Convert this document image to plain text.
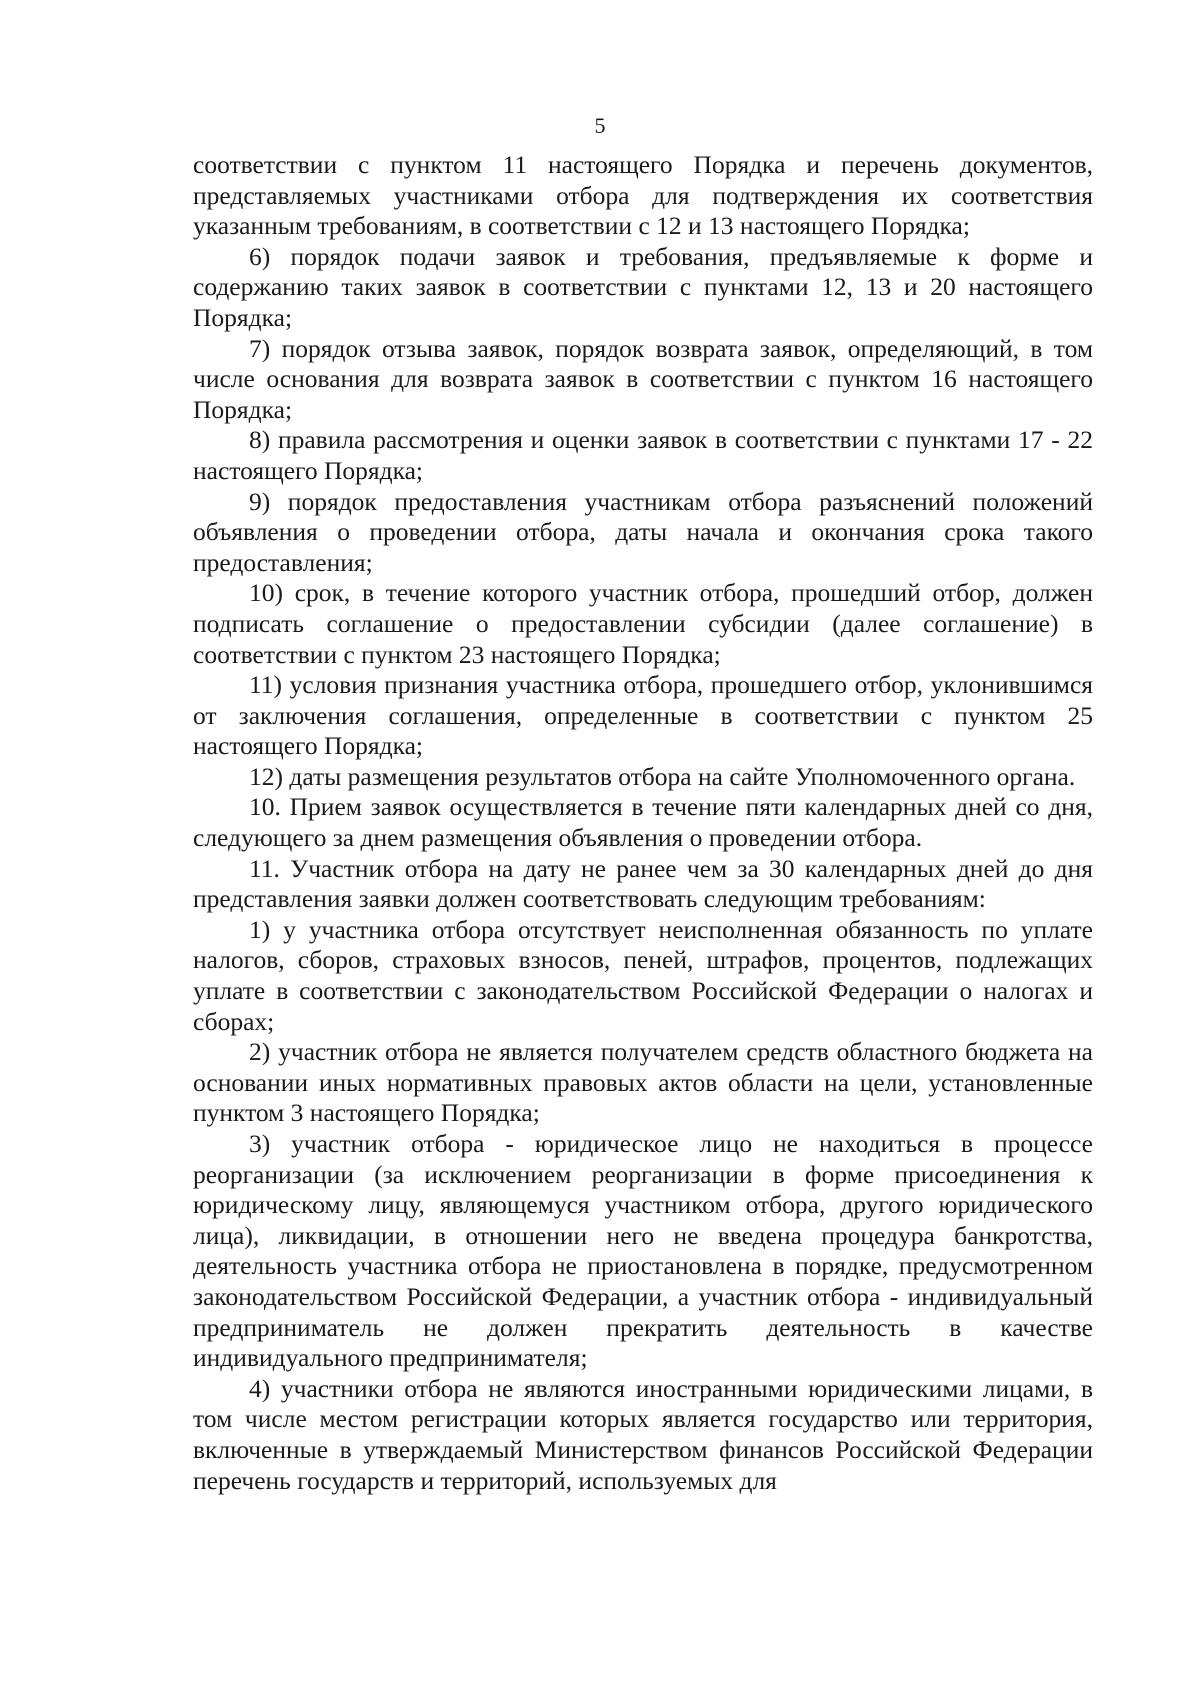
5

соответствии с пунктом 11 настоящего Порядка и перечень документов, представляемых участниками отбора для подтверждения их соответствия указанным требованиям, в соответствии с 12 и 13 настоящего Порядка;

6) порядок подачи заявок и требования, предъявляемые к форме и содержанию таких заявок в соответствии с пунктами 12, 13 и 20 настоящего Порядка;

7) порядок отзыва заявок, порядок возврата заявок, определяющий, в том числе основания для возврата заявок в соответствии с пунктом 16 настоящего Порядка;

8) правила рассмотрения и оценки заявок в соответствии с пунктами 17 - 22 настоящего Порядка;

9) порядок предоставления участникам отбора разъяснений положений объявления о проведении отбора, даты начала и окончания срока такого предоставления;

10) срок, в течение которого участник отбора, прошедший отбор, должен подписать соглашение о предоставлении субсидии (далее соглашение) в соответствии с пунктом 23 настоящего Порядка;

11) условия признания участника отбора, прошедшего отбор, уклонившимся от заключения соглашения, определенные в соответствии с пунктом 25 настоящего Порядка;

12) даты размещения результатов отбора на сайте Уполномоченного органа.

10. Прием заявок осуществляется в течение пяти календарных дней со дня, следующего за днем размещения объявления о проведении отбора.

11. Участник отбора на дату не ранее чем за 30 календарных дней до дня представления заявки должен соответствовать следующим требованиям:

1) у участника отбора отсутствует неисполненная обязанность по уплате налогов, сборов, страховых взносов, пеней, штрафов, процентов, подлежащих уплате в соответствии с законодательством Российской Федерации о налогах и сборах;

2) участник отбора не является получателем средств областного бюджета на основании иных нормативных правовых актов области на цели, установленные пунктом 3 настоящего Порядка;

3) участник отбора - юридическое лицо не находиться в процессе реорганизации (за исключением реорганизации в форме присоединения к юридическому лицу, являющемуся участником отбора, другого юридического лица), ликвидации, в отношении него не введена процедура банкротства, деятельность участника отбора не приостановлена в порядке, предусмотренном законодательством Российской Федерации, а участник отбора - индивидуальный предприниматель не должен прекратить деятельность в качестве индивидуального предпринимателя;

4) участники отбора не являются иностранными юридическими лицами, в том числе местом регистрации которых является государство или территория, включенные в утверждаемый Министерством финансов Российской Федерации перечень государств и территорий, используемых для
